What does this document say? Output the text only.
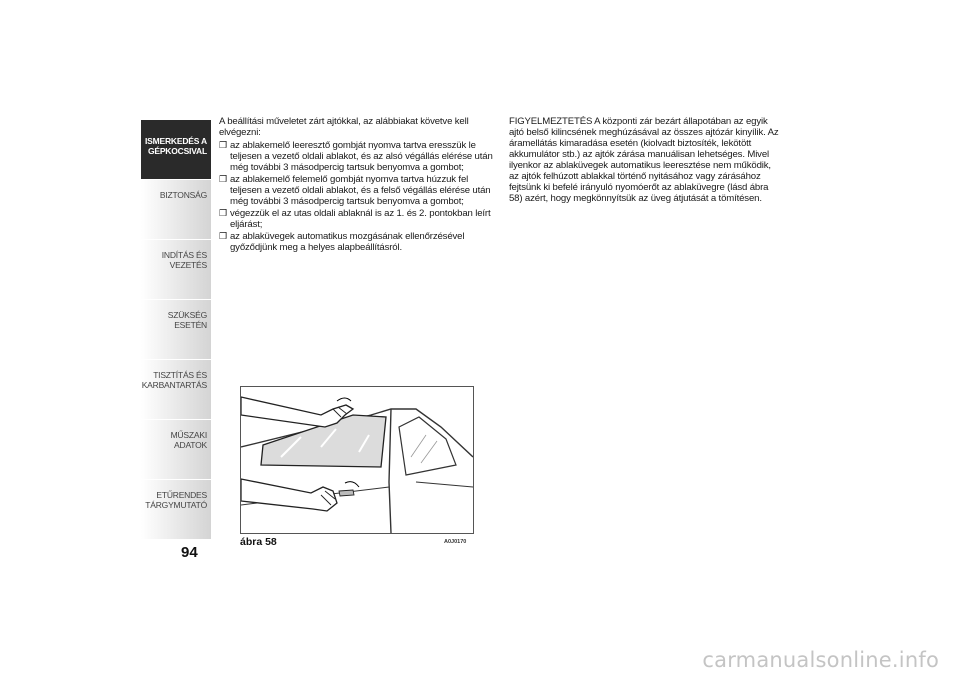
ISMERKEDÉS A
GÉPKOCSIVAL
BIZTONSÁG
INDÍTÁS ÉS VEZETÉS
SZÜKSÉG ESETÉN
TISZTÍTÁS ÉS
KARBANTARTÁS
MŰSZAKI ADATOK
ETŰRENDES
TÁRGYMUTATÓ
94

A beállítási műveletet zárt ajtókkal, az alábbiakat követve kell elvégezni:

❒ az ablakemelő leeresztő gombját nyomva tartva eresszük le teljesen a vezető oldali ablakot, és az alsó végállás elérése után még további 3 másodpercig tartsuk benyomva a gombot;
❒ az ablakemelő felemelő gombját nyomva tartva húzzuk fel teljesen a vezető oldali ablakot, és a felső végállás elérése után még további 3 másodpercig tartsuk benyomva a gombot;
❒ végezzük el az utas oldali ablaknál is az 1. és 2. pontokban leírt eljárást;
❒ az ablaküvegek automatikus mozgásának ellenőrzésével győződjünk meg a helyes alapbeállításról.

FIGYELMEZTETÉS A központi zár bezárt állapotában az egyik ajtó belső kilincsének meghúzásával az összes ajtózár kinyílik. Az áramellátás kimaradása esetén (kiolvadt biztosíték, lekötött akkumulátor stb.) az ajtók zárása manuálisan lehetséges. Mivel ilyenkor az ablaküvegek automatikus leeresztése nem működik, az ajtók felhúzott ablakkal történő nyitásához vagy zárásához fejtsünk ki befelé irányuló nyomóerőt az ablaküvegre (lásd ábra 58) azért, hogy megkönnyítsük az üveg átjutását a tömítésen.

ábra 58	A0J0170
carmanualsonline.info
